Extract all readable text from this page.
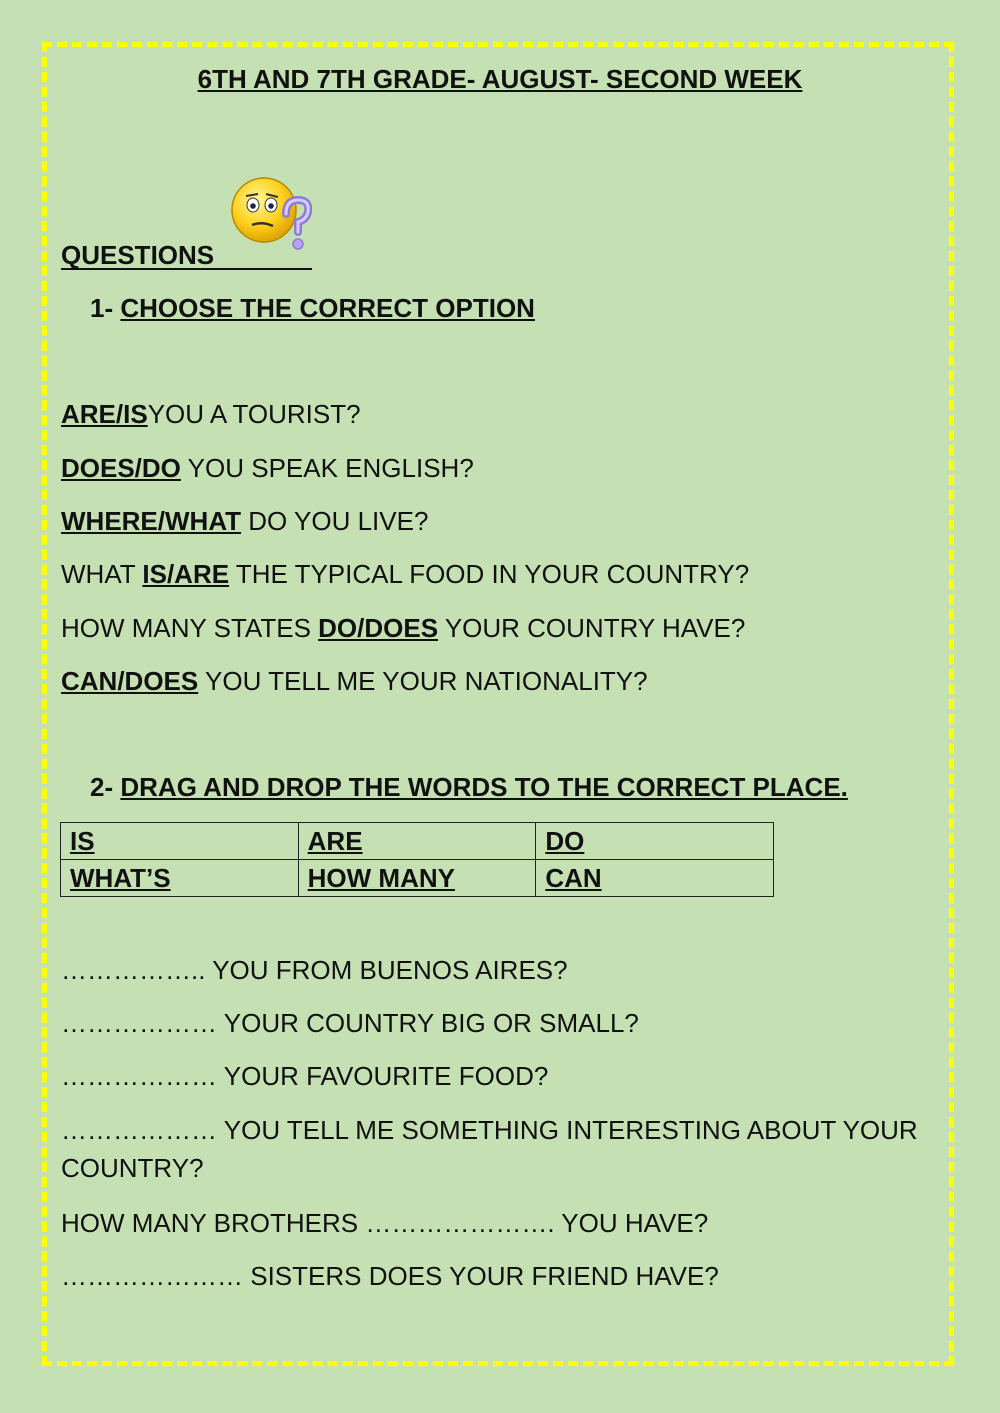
6TH AND 7TH GRADE- AUGUST- SECOND WEEK
QUESTIONS
1- CHOOSE THE CORRECT OPTION
ARE/ISYOU A TOURIST?
DOES/DO YOU SPEAK ENGLISH?
WHERE/WHAT DO YOU LIVE?
WHAT IS/ARE THE TYPICAL FOOD IN YOUR COUNTRY?
HOW MANY STATES DO/DOES YOUR COUNTRY HAVE?
CAN/DOES YOU TELL ME YOUR NATIONALITY?
2- DRAG AND DROP THE WORDS TO THE CORRECT PLACE.
IS	ARE	DO
WHAT’S	HOW MANY	CAN
…………….. YOU FROM BUENOS AIRES?
……………… YOUR COUNTRY BIG OR SMALL?
……………… YOUR FAVOURITE FOOD?
……………… YOU TELL ME SOMETHING INTERESTING ABOUT YOUR
COUNTRY?
HOW MANY BROTHERS …………………. YOU HAVE?
………………… SISTERS DOES YOUR FRIEND HAVE?
